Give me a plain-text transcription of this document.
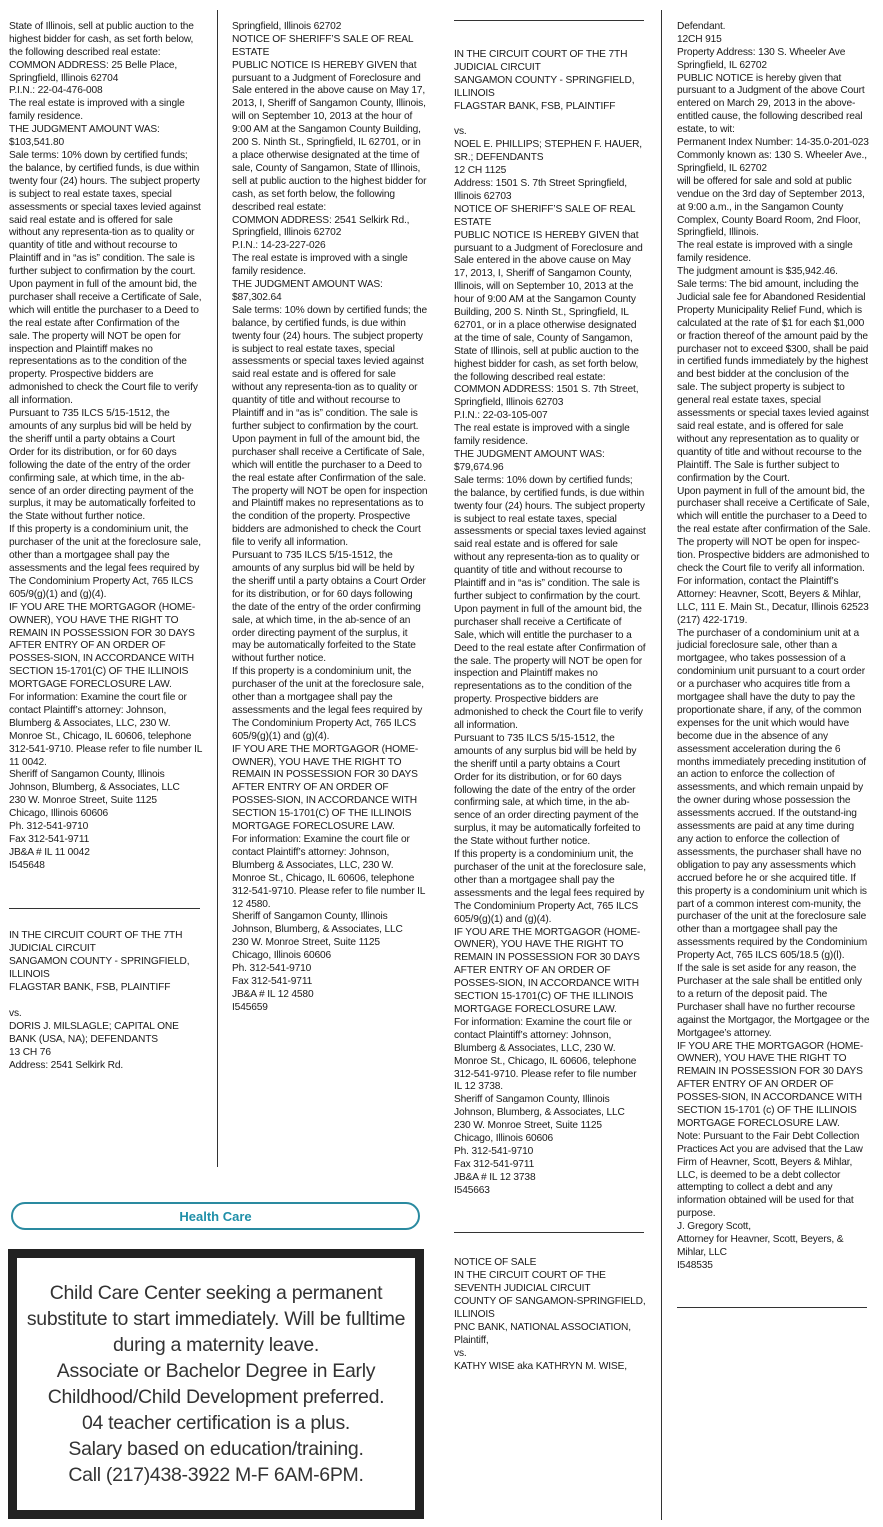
State of Illinois, sell at public auction to the highest bidder for cash, as set forth below, the following described real estate:
COMMON ADDRESS: 25 Belle Place, Springfield, Illinois 62704
P.I.N.: 22-04-476-008
The real estate is improved with a single family residence.
THE JUDGMENT AMOUNT WAS: $103,541.80
Sale terms: 10% down by certified funds; the balance, by certified funds, is due within twenty four (24) hours. The subject property is subject to real estate taxes, special assessments or special taxes levied against said real estate and is offered for sale without any representa-tion as to quality or quantity of title and without recourse to Plaintiff and in “as is” condition. The sale is further subject to confirmation by the court.
Upon payment in full of the amount bid, the purchaser shall receive a Certificate of Sale, which will entitle the purchaser to a Deed to the real estate after Confirmation of the sale. The property will NOT be open for inspection and Plaintiff makes no representations as to the condition of the property. Prospective bidders are admonished to check the Court file to verify all information.
Pursuant to 735 ILCS 5/15-1512, the amounts of any surplus bid will be held by the sheriff until a party obtains a Court Order for its distribution, or for 60 days following the date of the entry of the order confirming sale, at which time, in the ab-sence of an order directing payment of the surplus, it may be automatically forfeited to the State without further notice.
If this property is a condominium unit, the purchaser of the unit at the foreclosure sale, other than a mortgagee shall pay the assessments and the legal fees required by The Condominium Property Act, 765 ILCS 605/9(g)(1) and (g)(4).
IF YOU ARE THE MORTGAGOR (HOME-OWNER), YOU HAVE THE RIGHT TO REMAIN IN POSSESSION FOR 30 DAYS AFTER ENTRY OF AN ORDER OF POSSES-SION, IN ACCORDANCE WITH SECTION 15-1701(C) OF THE ILLINOIS MORTGAGE FORECLOSURE LAW.
For information: Examine the court file or contact Plaintiff’s attorney: Johnson, Blumberg & Associates, LLC, 230 W. Monroe St., Chicago, IL 60606, telephone 312-541-9710. Please refer to file number IL 11 0042.
Sheriff of Sangamon County, Illinois
Johnson, Blumberg, & Associates, LLC
230 W. Monroe Street, Suite 1125
Chicago, Illinois 60606
Ph. 312-541-9710
Fax 312-541-9711
JB&A # IL 11 0042
I545648

IN THE CIRCUIT COURT OF THE 7TH JUDICIAL CIRCUIT
SANGAMON COUNTY - SPRINGFIELD, ILLINOIS
FLAGSTAR BANK, FSB, PLAINTIFF

vs.
DORIS J. MILSLAGLE; CAPITAL ONE BANK (USA, NA); DEFENDANTS
13 CH 76
Address: 2541 Selkirk Rd.

Springfield, Illinois 62702
NOTICE OF SHERIFF’S SALE OF REAL ESTATE
PUBLIC NOTICE IS HEREBY GIVEN that pursuant to a Judgment of Foreclosure and Sale entered in the above cause on May 17, 2013, I, Sheriff of Sangamon County, Illinois, will on September 10, 2013 at the hour of 9:00 AM at the Sangamon County Building, 200 S. Ninth St., Springfield, IL 62701, or in a place otherwise designated at the time of sale, County of Sangamon, State of Illinois, sell at public auction to the highest bidder for cash, as set forth below, the following described real estate:
COMMON ADDRESS: 2541 Selkirk Rd., Springfield, Illinois 62702
P.I.N.: 14-23-227-026
The real estate is improved with a single family residence.
THE JUDGMENT AMOUNT WAS: $87,302.64
Sale terms: 10% down by certified funds; the balance, by certified funds, is due within twenty four (24) hours. The subject property is subject to real estate taxes, special assessments or special taxes levied against said real estate and is offered for sale without any representa-tion as to quality or quantity of title and without recourse to Plaintiff and in “as is” condition. The sale is further subject to confirmation by the court.
Upon payment in full of the amount bid, the purchaser shall receive a Certificate of Sale, which will entitle the purchaser to a Deed to the real estate after Confirmation of the sale. The property will NOT be open for inspection and Plaintiff makes no representations as to the condition of the property. Prospective bidders are admonished to check the Court file to verify all information.
Pursuant to 735 ILCS 5/15-1512, the amounts of any surplus bid will be held by the sheriff until a party obtains a Court Order for its distribution, or for 60 days following the date of the entry of the order confirming sale, at which time, in the ab-sence of an order directing payment of the surplus, it may be automatically forfeited to the State without further notice.
If this property is a condominium unit, the purchaser of the unit at the foreclosure sale, other than a mortgagee shall pay the assessments and the legal fees required by The Condominium Property Act, 765 ILCS 605/9(g)(1) and (g)(4).
IF YOU ARE THE MORTGAGOR (HOME-OWNER), YOU HAVE THE RIGHT TO REMAIN IN POSSESSION FOR 30 DAYS AFTER ENTRY OF AN ORDER OF POSSES-SION, IN ACCORDANCE WITH SECTION 15-1701(C) OF THE ILLINOIS MORTGAGE FORECLOSURE LAW.
For information: Examine the court file or contact Plaintiff’s attorney: Johnson, Blumberg & Associates, LLC, 230 W. Monroe St., Chicago, IL 60606, telephone 312-541-9710. Please refer to file number IL 12 4580.
Sheriff of Sangamon County, Illinois
Johnson, Blumberg, & Associates, LLC
230 W. Monroe Street, Suite 1125
Chicago, Illinois 60606
Ph. 312-541-9710
Fax 312-541-9711
JB&A # IL 12 4580
I545659

IN THE CIRCUIT COURT OF THE 7TH JUDICIAL CIRCUIT
SANGAMON COUNTY - SPRINGFIELD, ILLINOIS
FLAGSTAR BANK, FSB, PLAINTIFF

vs.
NOEL E. PHILLIPS; STEPHEN F. HAUER, SR.; DEFENDANTS
12 CH 1125
Address: 1501 S. 7th Street Springfield, Illinois 62703
NOTICE OF SHERIFF’S SALE OF REAL ESTATE
PUBLIC NOTICE IS HEREBY GIVEN that pursuant to a Judgment of Foreclosure and Sale entered in the above cause on May 17, 2013, I, Sheriff of Sangamon County, Illinois, will on September 10, 2013 at the hour of 9:00 AM at the Sangamon County Building, 200 S. Ninth St., Springfield, IL 62701, or in a place otherwise designated at the time of sale, County of Sangamon, State of Illinois, sell at public auction to the highest bidder for cash, as set forth below, the following described real estate:
COMMON ADDRESS: 1501 S. 7th Street, Springfield, Illinois 62703
P.I.N.: 22-03-105-007
The real estate is improved with a single family residence.
THE JUDGMENT AMOUNT WAS: $79,674.96
Sale terms: 10% down by certified funds; the balance, by certified funds, is due within twenty four (24) hours. The subject property is subject to real estate taxes, special assessments or special taxes levied against said real estate and is offered for sale without any representa-tion as to quality or quantity of title and without recourse to Plaintiff and in “as is” condition. The sale is further subject to confirmation by the court.
Upon payment in full of the amount bid, the purchaser shall receive a Certificate of Sale, which will entitle the purchaser to a Deed to the real estate after Confirmation of the sale. The property will NOT be open for inspection and Plaintiff makes no representations as to the condition of the property. Prospective bidders are admonished to check the Court file to verify all information.
Pursuant to 735 ILCS 5/15-1512, the amounts of any surplus bid will be held by the sheriff until a party obtains a Court Order for its distribution, or for 60 days following the date of the entry of the order confirming sale, at which time, in the ab-sence of an order directing payment of the surplus, it may be automatically forfeited to the State without further notice.
If this property is a condominium unit, the purchaser of the unit at the foreclosure sale, other than a mortgagee shall pay the assessments and the legal fees required by The Condominium Property Act, 765 ILCS 605/9(g)(1) and (g)(4).
IF YOU ARE THE MORTGAGOR (HOME-OWNER), YOU HAVE THE RIGHT TO REMAIN IN POSSESSION FOR 30 DAYS AFTER ENTRY OF AN ORDER OF POSSES-SION, IN ACCORDANCE WITH SECTION 15-1701(C) OF THE ILLINOIS MORTGAGE FORECLOSURE LAW.
For information: Examine the court file or contact Plaintiff’s attorney: Johnson, Blumberg & Associates, LLC, 230 W. Monroe St., Chicago, IL 60606, telephone 312-541-9710. Please refer to file number IL 12 3738.
Sheriff of Sangamon County, Illinois
Johnson, Blumberg, & Associates, LLC
230 W. Monroe Street, Suite 1125
Chicago, Illinois 60606
Ph. 312-541-9710
Fax 312-541-9711
JB&A # IL 12 3738
I545663

NOTICE OF SALE
IN THE CIRCUIT COURT OF THE SEVENTH JUDICIAL CIRCUIT
COUNTY OF SANGAMON-SPRINGFIELD, ILLINOIS
PNC BANK, NATIONAL ASSOCIATION, Plaintiff,
vs.
KATHY WISE aka KATHRYN M. WISE,

Defendant.
12CH 915
Property Address: 130 S. Wheeler Ave Springfield, IL 62702
PUBLIC NOTICE is hereby given that pursuant to a Judgment of the above Court entered on March 29, 2013 in the above-entitled cause, the following described real estate, to wit:
Permanent Index Number: 14-35.0-201-023
Commonly known as: 130 S. Wheeler Ave., Springfield, IL 62702
will be offered for sale and sold at public vendue on the 3rd day of September 2013, at 9:00 a.m., in the Sangamon County Complex, County Board Room, 2nd Floor, Springfield, Illinois.
The real estate is improved with a single family residence.
The judgment amount is $35,942.46.
Sale terms: The bid amount, including the Judicial sale fee for Abandoned Residential Property Municipality Relief Fund, which is calculated at the rate of $1 for each $1,000 or fraction thereof of the amount paid by the purchaser not to exceed $300, shall be paid in certified funds immediately by the highest and best bidder at the conclusion of the sale. The subject property is subject to general real estate taxes, special assessments or special taxes levied against said real estate, and is offered for sale without any representation as to quality or quantity of title and without recourse to the Plaintiff. The Sale is further subject to confirmation by the Court.
Upon payment in full of the amount bid, the purchaser shall receive a Certificate of Sale, which will entitle the purchaser to a Deed to the real estate after confirmation of the Sale.
The property will NOT be open for inspec-tion. Prospective bidders are admonished to check the Court file to verify all information.
For information, contact the Plaintiff’s Attorney: Heavner, Scott, Beyers & Mihlar, LLC, 111 E. Main St., Decatur, Illinois 62523 (217) 422-1719.
The purchaser of a condominium unit at a judicial foreclosure sale, other than a mortgagee, who takes possession of a condominium unit pursuant to a court order or a purchaser who acquires title from a mortgagee shall have the duty to pay the proportionate share, if any, of the common expenses for the unit which would have become due in the absence of any assessment acceleration during the 6 months immediately preceding institution of an action to enforce the collection of assessments, and which remain unpaid by the owner during whose possession the assessments accrued. If the outstand-ing assessments are paid at any time during any action to enforce the collection of assessments, the purchaser shall have no obligation to pay any assessments which accrued before he or she acquired title. If this property is a condominium unit which is part of a common interest com-munity, the purchaser of the unit at the foreclosure sale other than a mortgagee shall pay the assessments required by the Condominium Property Act, 765 ILCS 605/18.5 (g)(l).
If the sale is set aside for any reason, the Purchaser at the sale shall be entitled only to a return of the deposit paid. The Purchaser shall have no further recourse against the Mortgagor, the Mortgagee or the Mortgagee’s attorney.
IF YOU ARE THE MORTGAGOR (HOME-OWNER), YOU HAVE THE RIGHT TO REMAIN IN POSSESSION FOR 30 DAYS AFTER ENTRY OF AN ORDER OF POSSES-SION, IN ACCORDANCE WITH SECTION 15-1701 (c) OF THE ILLINOIS MORTGAGE FORECLOSURE LAW.
Note: Pursuant to the Fair Debt Collection Practices Act you are advised that the Law Firm of Heavner, Scott, Beyers & Mihlar, LLC, is deemed to be a debt collector attempting to collect a debt and any information obtained will be used for that purpose.
J. Gregory Scott,
Attorney for Heavner, Scott, Beyers, & Mihlar, LLC
I548535

Health Care
Child Care Center seeking a permanent substitute to start immediately. Will be fulltime during a maternity leave.
Associate or Bachelor Degree in Early Childhood/Child Development preferred.
04 teacher certification is a plus.
Salary based on education/training.
Call (217)438-3922 M-F 6AM-6PM.
